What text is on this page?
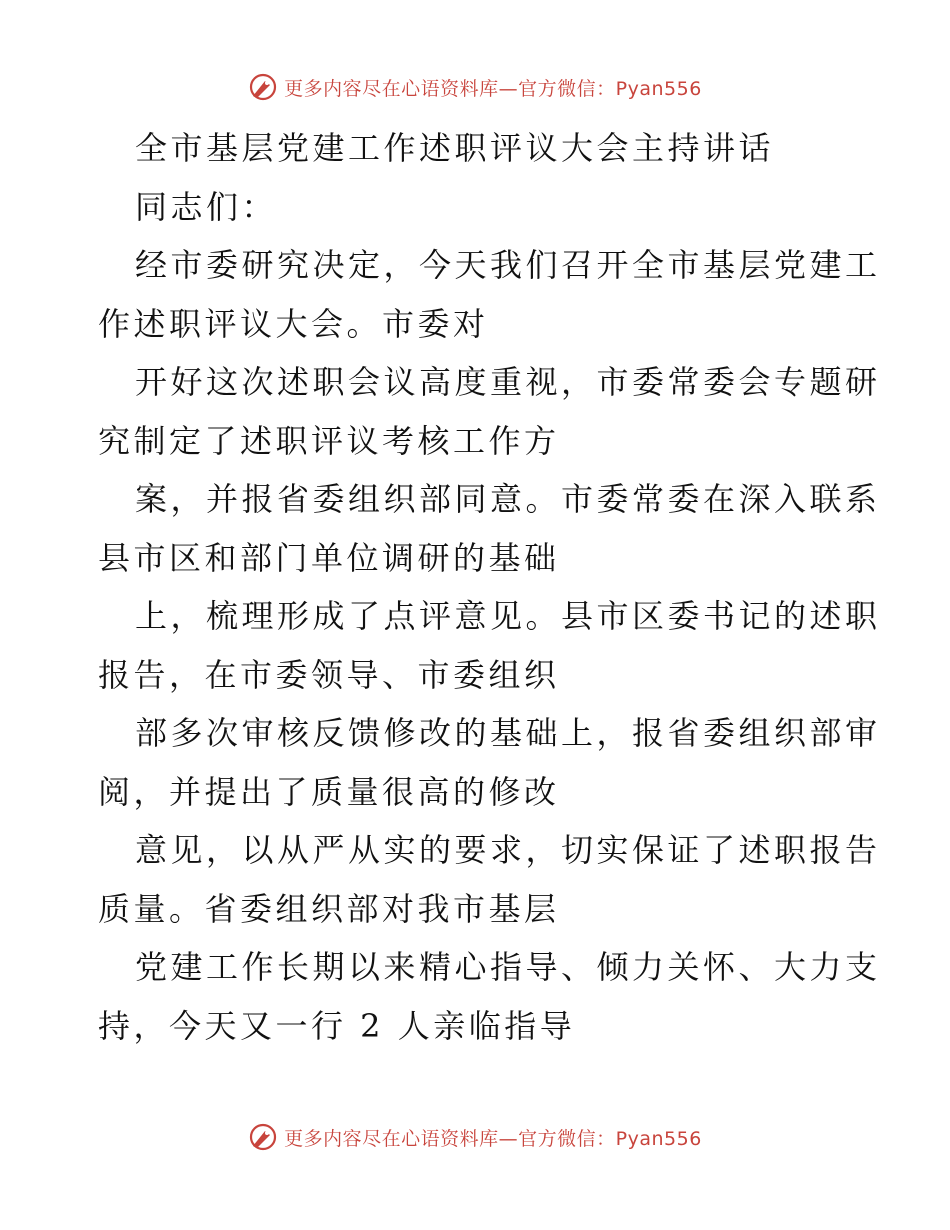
更多内容尽在心语资料库—官方微信：Pyan556
全市基层党建工作述职评议大会主持讲话
同志们：
经市委研究决定，今天我们召开全市基层党建工
作述职评议大会。市委对
开好这次述职会议高度重视，市委常委会专题研
究制定了述职评议考核工作方
案，并报省委组织部同意。市委常委在深入联系
县市区和部门单位调研的基础
上，梳理形成了点评意见。县市区委书记的述职
报告，在市委领导、市委组织
部多次审核反馈修改的基础上，报省委组织部审
阅，并提出了质量很高的修改
意见，以从严从实的要求，切实保证了述职报告
质量。省委组织部对我市基层
党建工作长期以来精心指导、倾力关怀、大力支
持，今天又一行 2 人亲临指导
更多内容尽在心语资料库—官方微信：Pyan556
